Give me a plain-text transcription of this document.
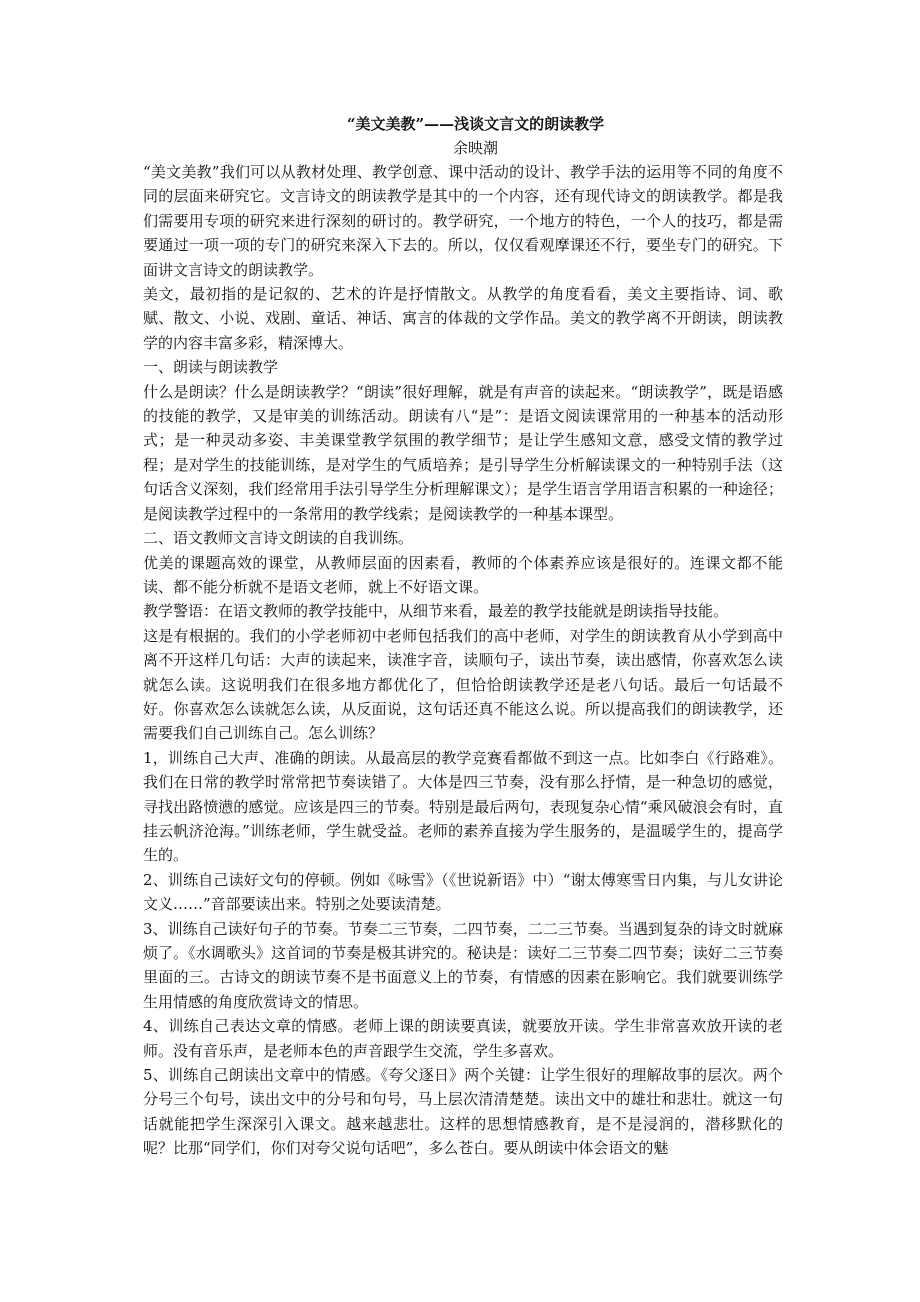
“美文美教”——浅谈文言文的朗读教学
余映潮

“美文美教”我们可以从教材处理、教学创意、课中活动的设计、教学手法的运用等不同的角度不同的层面来研究它。文言诗文的朗读教学是其中的一个内容，还有现代诗文的朗读教学。都是我们需要用专项的研究来进行深刻的研讨的。教学研究，一个地方的特色，一个人的技巧，都是需要通过一项一项的专门的研究来深入下去的。所以，仅仅看观摩课还不行，要坐专门的研究。下面讲文言诗文的朗读教学。

美文，最初指的是记叙的、艺术的许是抒情散文。从教学的角度看看，美文主要指诗、词、歌赋、散文、小说、戏剧、童话、神话、寓言的体裁的文学作品。美文的教学离不开朗读，朗读教学的内容丰富多彩，精深博大。

一、朗读与朗读教学

什么是朗读？什么是朗读教学？“朗读”很好理解，就是有声音的读起来。“朗读教学”，既是语感的技能的教学，又是审美的训练活动。朗读有八“是”：是语文阅读课常用的一种基本的活动形式；是一种灵动多姿、丰美课堂教学氛围的教学细节；是让学生感知文意，感受文情的教学过程；是对学生的技能训练，是对学生的气质培养；是引导学生分析解读课文的一种特别手法（这句话含义深刻，我们经常用手法引导学生分析理解课文）；是学生语言学用语言积累的一种途径；是阅读教学过程中的一条常用的教学线索；是阅读教学的一种基本课型。

二、语文教师文言诗文朗读的自我训练。

优美的课题高效的课堂，从教师层面的因素看，教师的个体素养应该是很好的。连课文都不能读、都不能分析就不是语文老师，就上不好语文课。

教学警语：在语文教师的教学技能中，从细节来看，最差的教学技能就是朗读指导技能。

这是有根据的。我们的小学老师初中老师包括我们的高中老师，对学生的朗读教育从小学到高中离不开这样几句话：大声的读起来，读准字音，读顺句子，读出节奏，读出感情，你喜欢怎么读就怎么读。这说明我们在很多地方都优化了，但恰恰朗读教学还是老八句话。最后一句话最不好。你喜欢怎么读就怎么读，从反面说，这句话还真不能这么说。所以提高我们的朗读教学，还需要我们自己训练自己。怎么训练？

1，训练自己大声、准确的朗读。从最高层的教学竞赛看都做不到这一点。比如李白《行路难》。我们在日常的教学时常常把节奏读错了。大体是四三节奏，没有那么抒情，是一种急切的感觉，寻找出路愤懑的感觉。应该是四三的节奏。特别是最后两句，表现复杂心情“乘风破浪会有时，直挂云帆济沧海。”训练老师，学生就受益。老师的素养直接为学生服务的，是温暖学生的，提高学生的。

2、训练自己读好文句的停顿。例如《咏雪》（《世说新语》中）“谢太傅寒雪日内集，与儿女讲论文义……”音部要读出来。特别之处要读清楚。

3、训练自己读好句子的节奏。节奏二三节奏，二四节奏，二二三节奏。当遇到复杂的诗文时就麻烦了。《水调歌头》这首词的节奏是极其讲究的。秘诀是：读好二三节奏二四节奏；读好二三节奏里面的三。古诗文的朗读节奏不是书面意义上的节奏，有情感的因素在影响它。我们就要训练学生用情感的角度欣赏诗文的情思。

4、训练自己表达文章的情感。老师上课的朗读要真读，就要放开读。学生非常喜欢放开读的老师。没有音乐声，是老师本色的声音跟学生交流，学生多喜欢。

5、训练自己朗读出文章中的情感。《夸父逐日》两个关键：让学生很好的理解故事的层次。两个分号三个句号，读出文中的分号和句号，马上层次清清楚楚。读出文中的雄壮和悲壮。就这一句话就能把学生深深引入课文。越来越悲壮。这样的思想情感教育，是不是浸润的，潜移默化的呢？比那“同学们，你们对夸父说句话吧”，多么苍白。要从朗读中体会语文的魅
